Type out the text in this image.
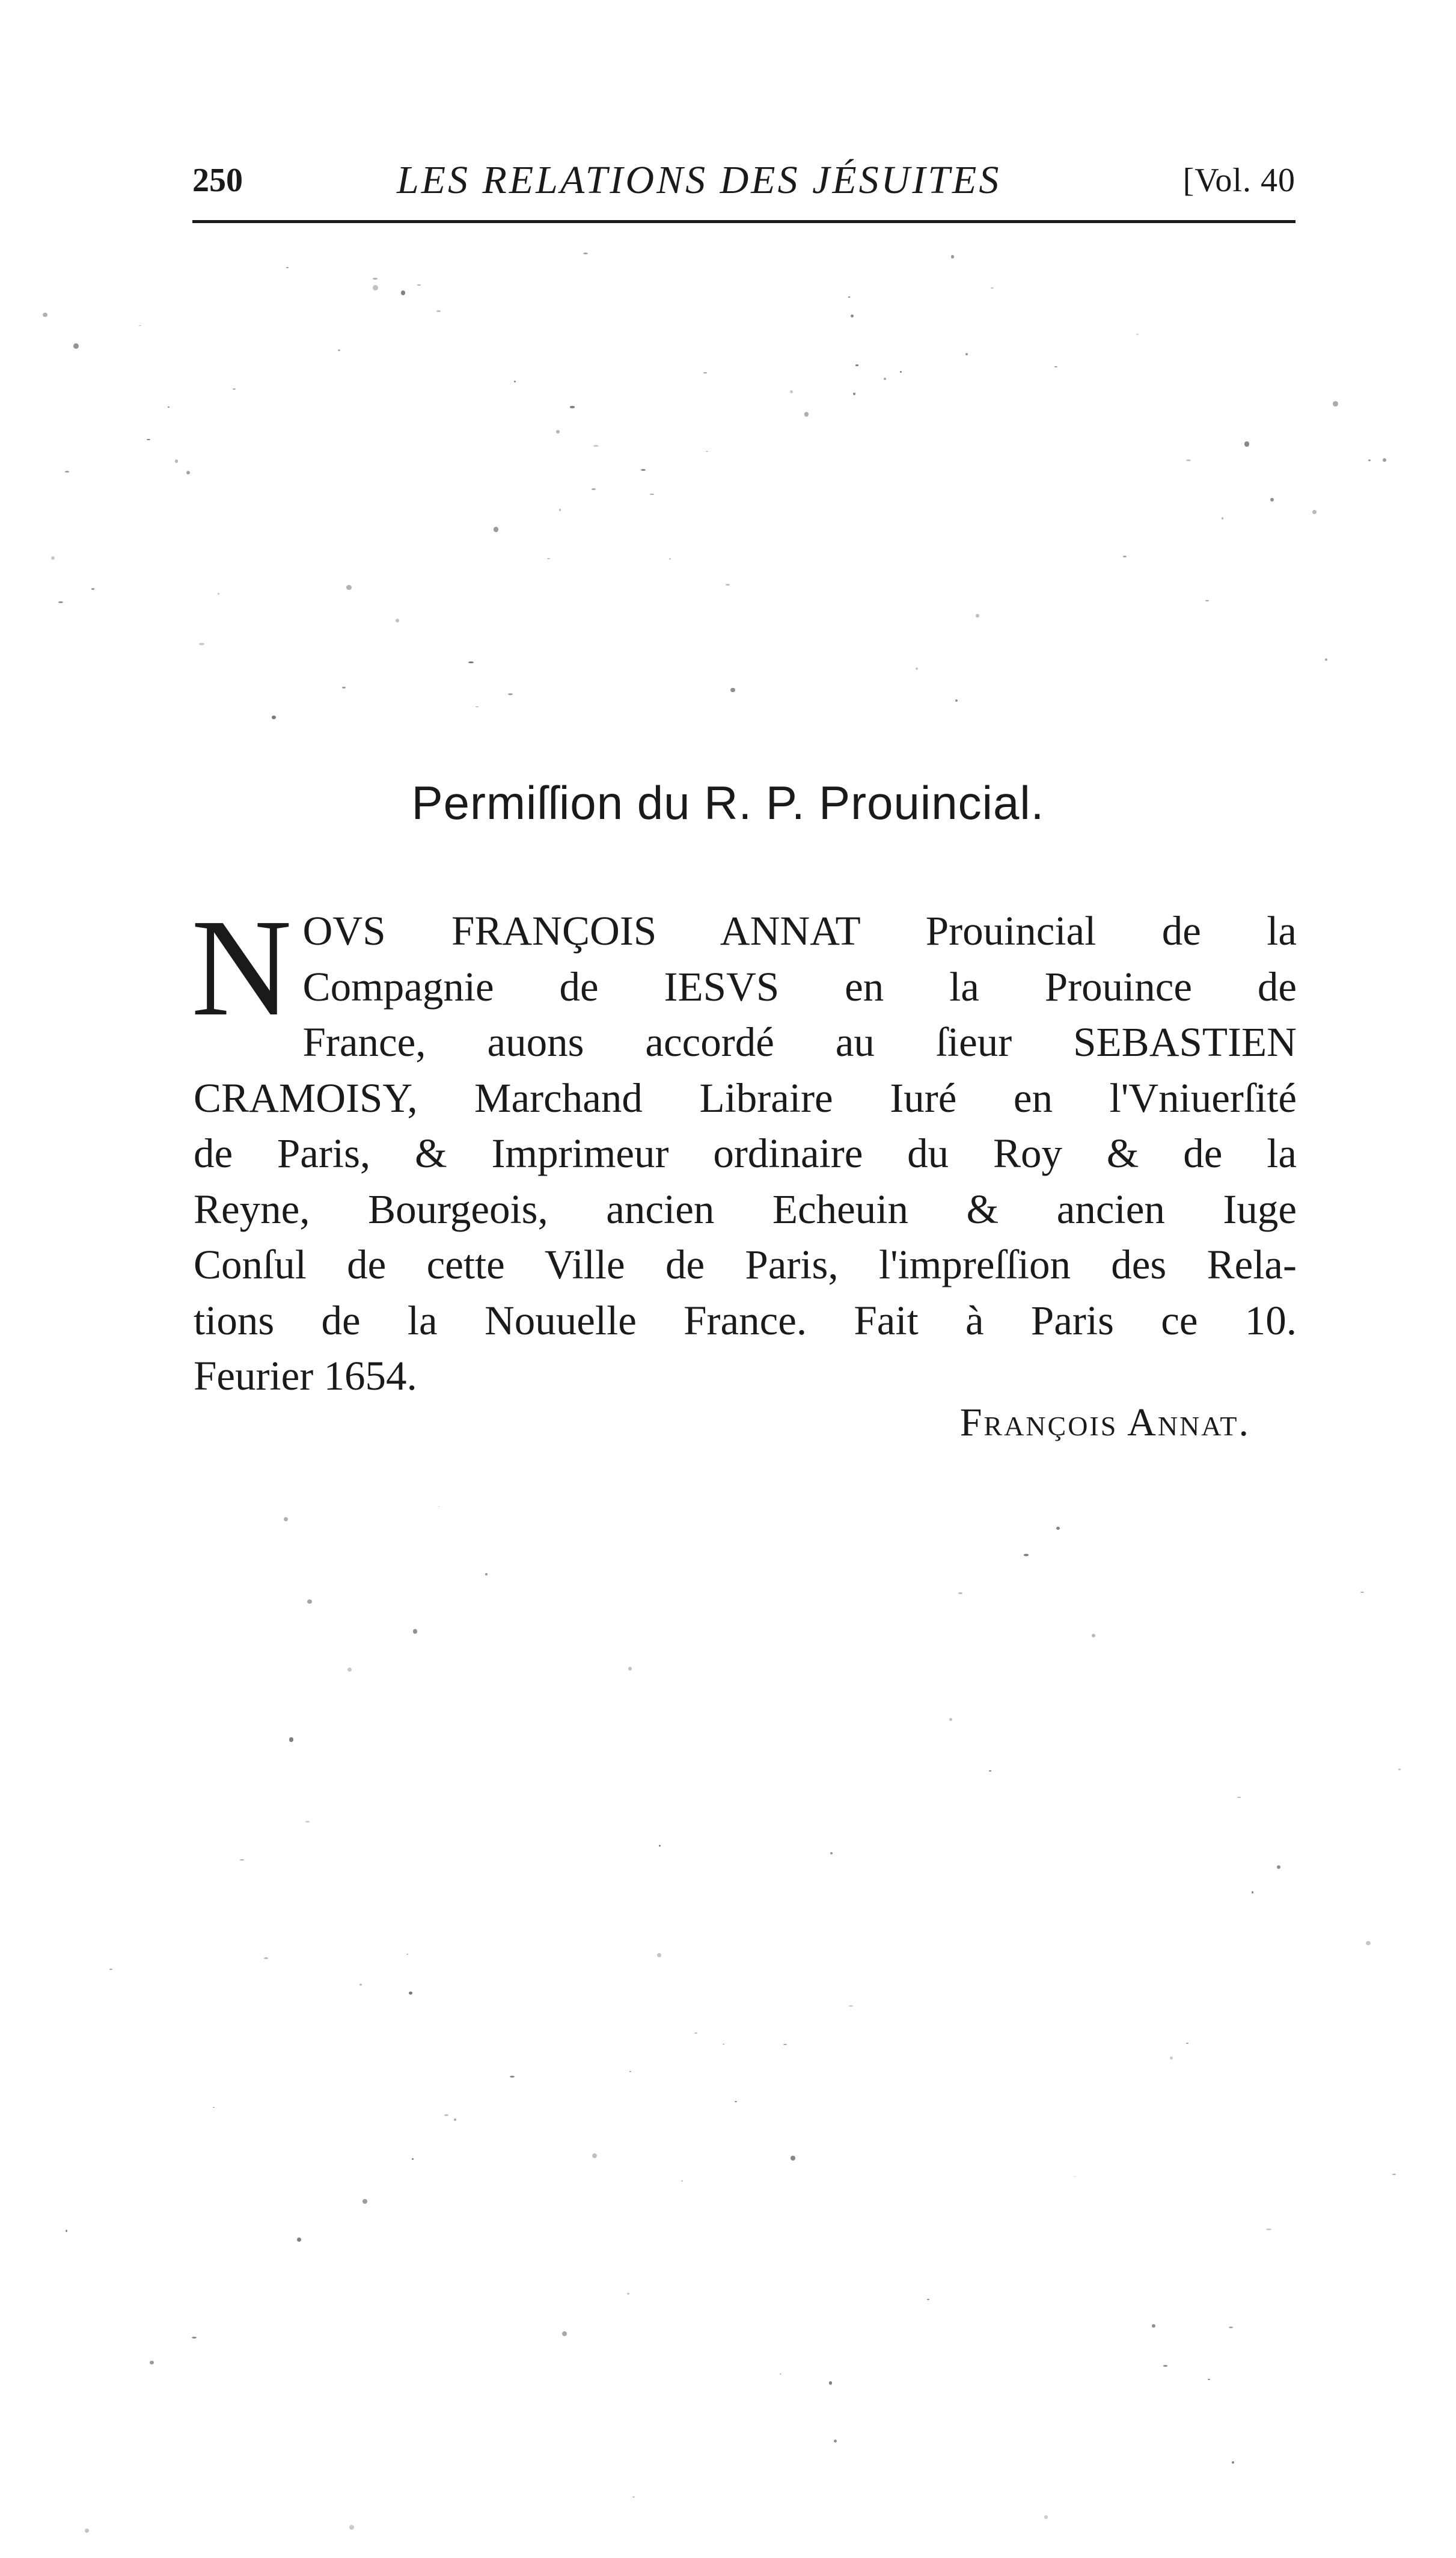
250	LES RELATIONS DES JÉSUITES	[Vol. 40
Permiſſion du R. P. Prouincial.
N OVS FRANÇOIS ANNAT Prouincial de la
Compagnie de IESVS en la Prouince de
France, auons accordé au ſieur SEBASTIEN
CRAMOISY, Marchand Libraire Iuré en l'Vniuerſité
de Paris, & Imprimeur ordinaire du Roy & de la
Reyne, Bourgeois, ancien Echeuin & ancien Iuge
Conſul de cette Ville de Paris, l'impreſſion des Rela-
tions de la Nouuelle France. Fait à Paris ce 10.
Feurier 1654.
François Annat.
